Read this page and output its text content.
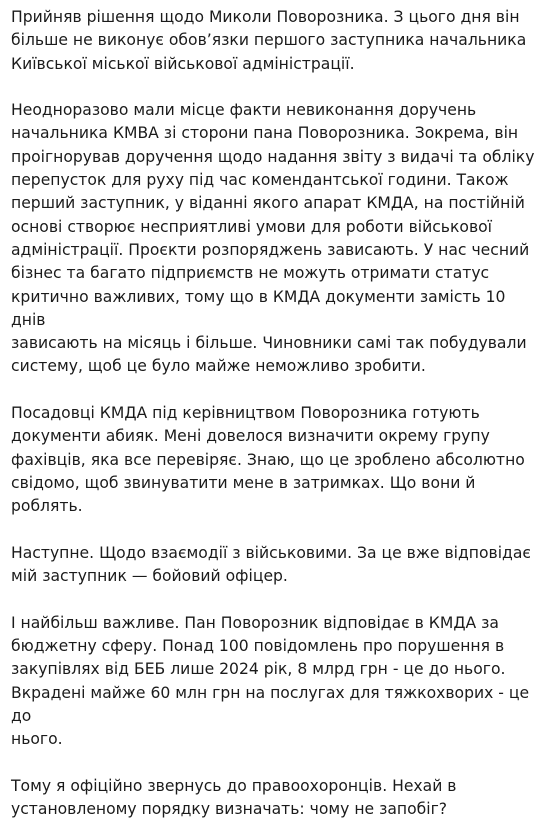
Прийняв рішення щодо Миколи Поворозника. З цього дня він
більше не виконує обов’язки першого заступника начальника
Київської міської військової адміністрації.

Неодноразово мали місце факти невиконання доручень
начальника КМВА зі сторони пана Поворозника. Зокрема, він
проігнорував доручення щодо надання звіту з видачі та обліку
перепусток для руху під час комендантської години. Також
перший заступник, у віданні якого апарат КМДА, на постійній
основі створює несприятливі умови для роботи військової
адміністрації. Проєкти розпоряджень зависають. У нас чесний
бізнес та багато підприємств не можуть отримати статус
критично важливих, тому що в КМДА документи замість 10 днів
зависають на місяць і більше. Чиновники самі так побудували
систему, щоб це було майже неможливо зробити.

Посадовці КМДА під керівництвом Поворозника готують
документи абияк. Мені довелося визначити окрему групу
фахівців, яка все перевіряє. Знаю, що це зроблено абсолютно
свідомо, щоб звинуватити мене в затримках. Що вони й
роблять.

Наступне. Щодо взаємодії з військовими. За це вже відповідає
мій заступник — бойовий офіцер.

І найбільш важливе. Пан Поворозник відповідає в КМДА за
бюджетну сферу. Понад 100 повідомлень про порушення в
закупівлях від БЕБ лише 2024 рік, 8 млрд грн - це до нього.
Вкрадені майже 60 млн грн на послугах для тяжкохворих - це до
нього.

Тому я офіційно звернусь до правоохоронців. Нехай в
установленому порядку визначать: чому не запобіг?
